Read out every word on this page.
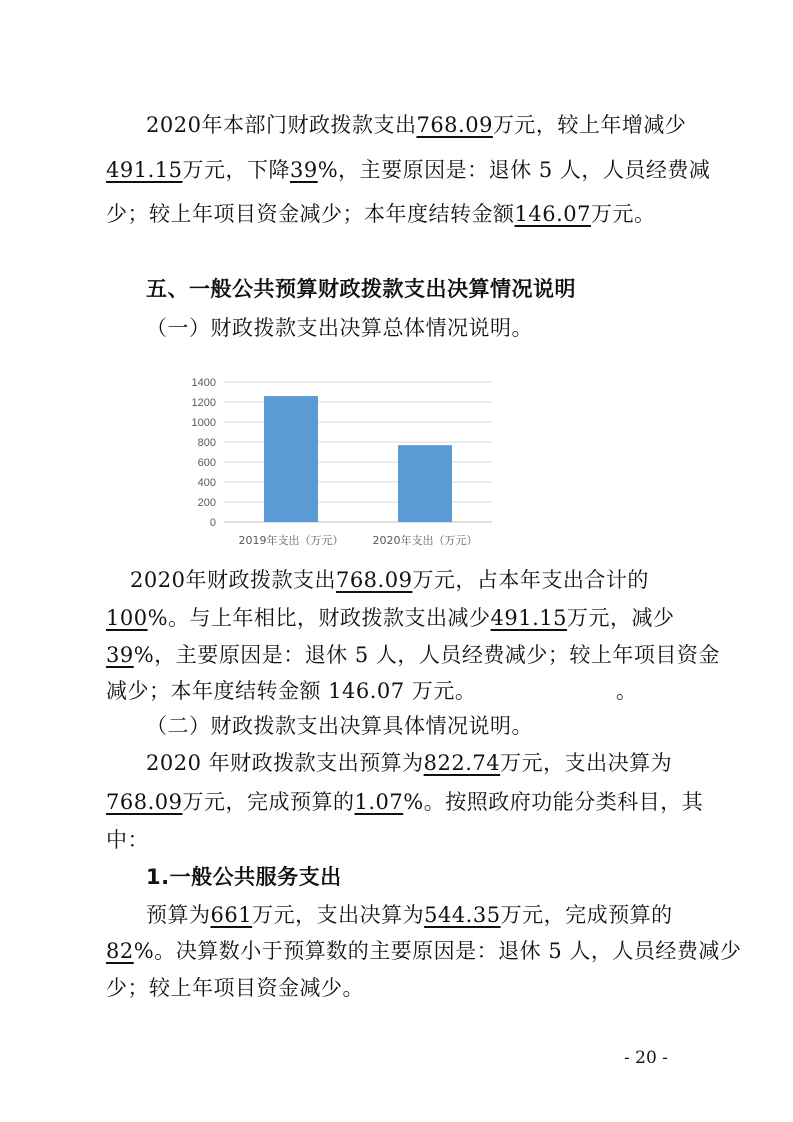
2020年本部门财政拨款支出768.09万元，较上年增减少
491.15万元，下降39%，主要原因是：退休 5 人，人员经费减
少；较上年项目资金减少；本年度结转金额146.07万元。
五、一般公共预算财政拨款支出决算情况说明
（一）财政拨款支出决算总体情况说明。
0
200
400
600
800
1000
1200
1400
2019年支出（万元）	2020年支出（万元）
2020年财政拨款支出768.09万元，占本年支出合计的
100%。与上年相比，财政拨款支出减少491.15万元，减少
39%，主要原因是：退休 5 人，人员经费减少；较上年项目资金
减少；本年度结转金额 146.07 万元。	。
（二）财政拨款支出决算具体情况说明。
2020 年财政拨款支出预算为822.74万元，支出决算为
768.09万元，完成预算的1.07%。按照政府功能分类科目，其
中：
1.一般公共服务支出
预算为661万元，支出决算为544.35万元，完成预算的
82%。决算数小于预算数的主要原因是：退休 5 人，人员经费减少
少；较上年项目资金减少。
- 20 -
